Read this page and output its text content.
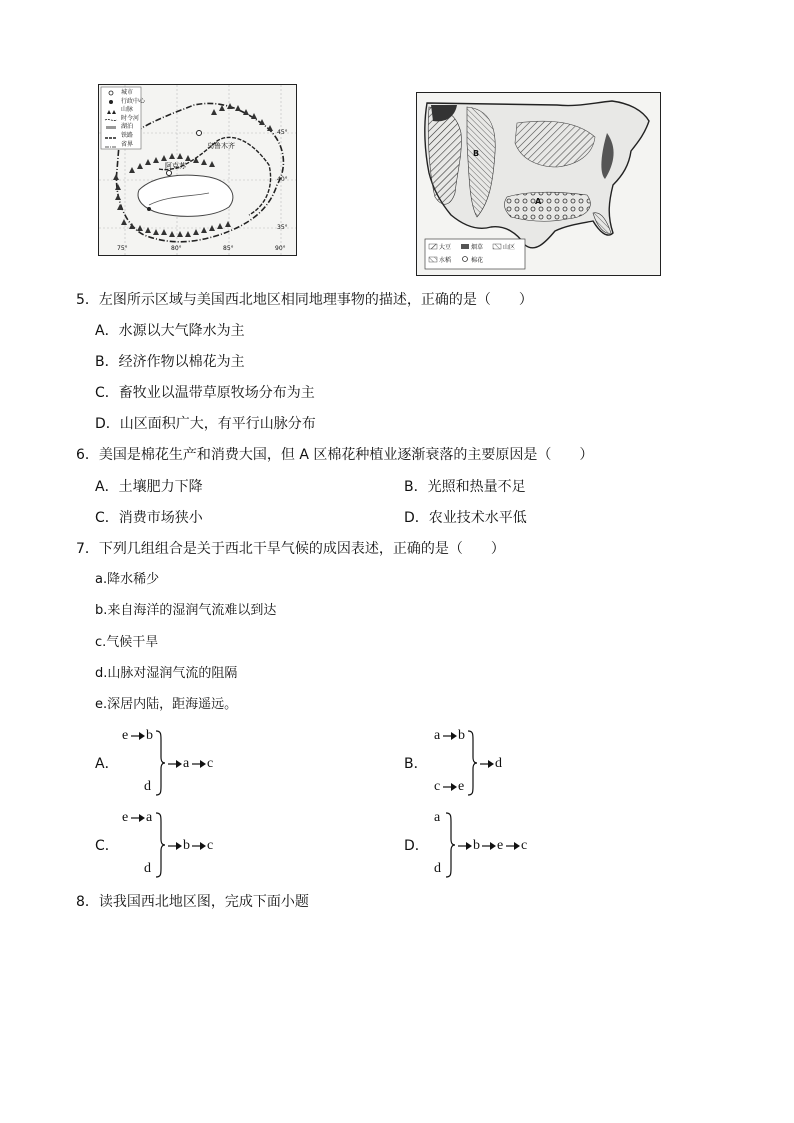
城市
行政中心
山脉
时令河
湖泊
铁路
省界	乌鲁木齐
阿克苏
45°
40°
35°
75°	80°	85°	90°	大豆	烟草	山区
水稻	棉花
A
B
5．左图所示区域与美国西北地区相同地理事物的描述，正确的是（　　）
A．水源以大气降水为主
B．经济作物以棉花为主
C．畜牧业以温带草原牧场分布为主
D．山区面积广大，有平行山脉分布
6．美国是棉花生产和消费大国，但 A 区棉花种植业逐渐衰落的主要原因是（　　）
A．土壤肥力下降	B．光照和热量不足
C．消费市场狭小	D．农业技术水平低
7．下列几组组合是关于西北干旱气候的成因表述，正确的是（　　）
a.降水稀少
b.来自海洋的湿润气流难以到达
c.气候干旱
d.山脉对湿润气流的阻隔
e.深居内陆，距海遥远。
A．
e b
d
a c	B．
a b
c e
d
C．
e a
d
b c	D．
a
d
b e c
8．读我国西北地区图，完成下面小题
